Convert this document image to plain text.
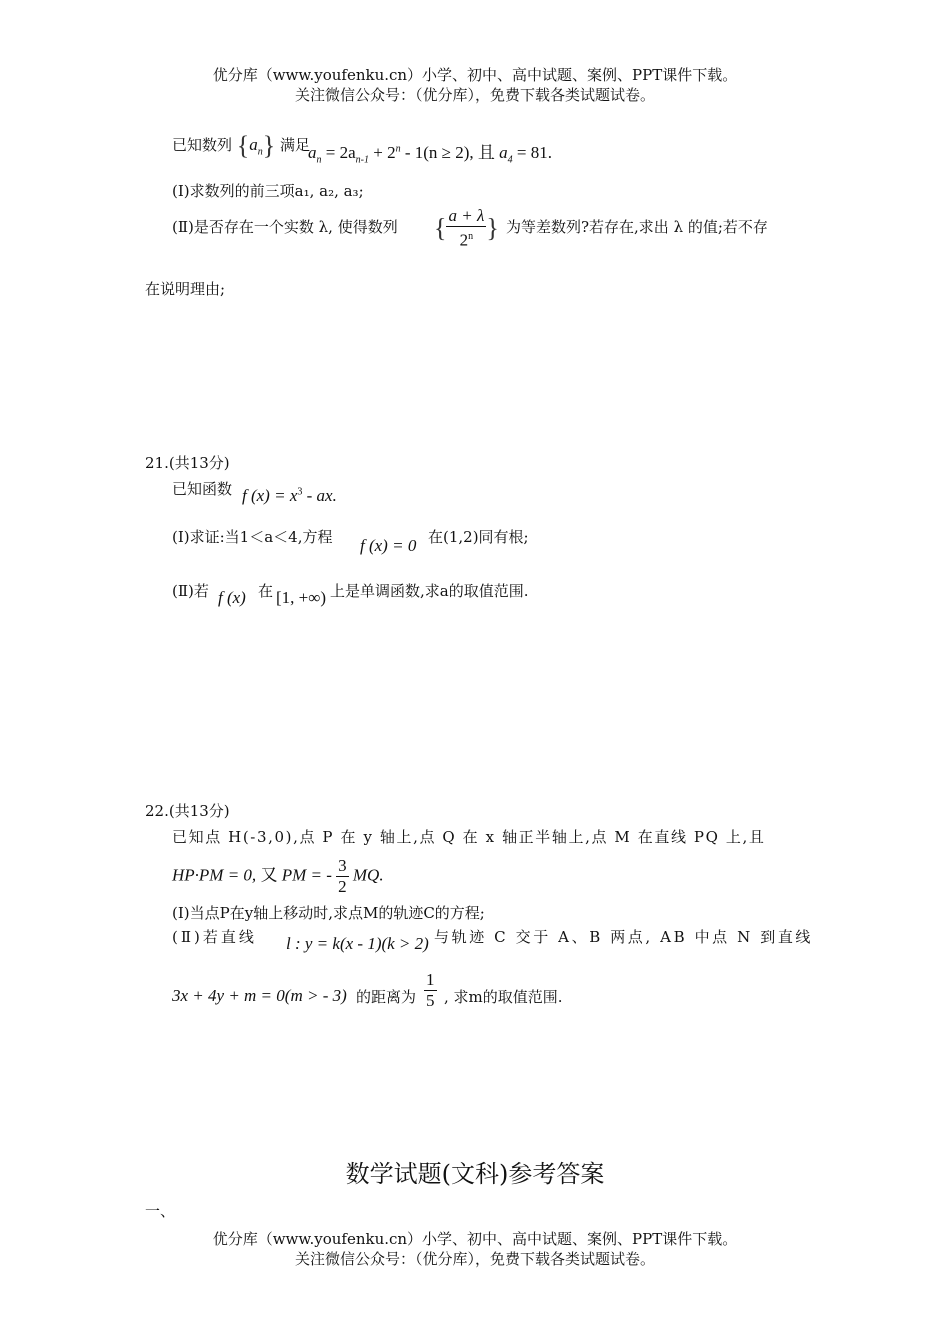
优分库（www.youfenku.cn）小学、初中、高中试题、案例、PPT课件下载。
关注微信公众号：（优分库），免费下载各类试题试卷。
已知数列 $\{a_n\}$ 满足
$a_n = 2a_{n-1} + 2^n - 1(n \ge 2)$, 且 $a_4 = 81$.
(Ⅰ)求数列的前三项a₁, a₂, a₃;
(Ⅱ)是否存在一个实数 λ, 使得数列 { $\frac{a + \lambda}{2^n}$ } 为等差数列?若存在,求出 λ 的值;若不存
在说明理由;
21.(共13分)
已知函数 f $(x) = x^3$ - ax.
(Ⅰ)求证:当1＜a＜4,方程 f (x) = 0 在(1,2)同有根;
(Ⅱ)若 f (x) 在 [1, +∞) 上是单调函数,求a的取值范围.
22.(共13分)
已知点 H(-3,0),点 P 在 y 轴上,点 Q 在 x 轴正半轴上,点 M 在直线 PQ 上,且
HP·PM = 0, 又 PM = - $\frac{3}{2}$ MQ.
(Ⅰ)当点P在y轴上移动时,求点M的轨迹C的方程;
(Ⅱ)若直线 l : y = k(x - 1)(k > 2) 与轨迹 C 交于 A、B 两点, AB 中点 N 到直线
3x + 4y + m = 0(m > - 3) 的距离为 $\frac{1}{5}$ , 求m的取值范围.
数学试题(文科)参考答案
一、
优分库（www.youfenku.cn）小学、初中、高中试题、案例、PPT课件下载。
关注微信公众号：（优分库），免费下载各类试题试卷。
